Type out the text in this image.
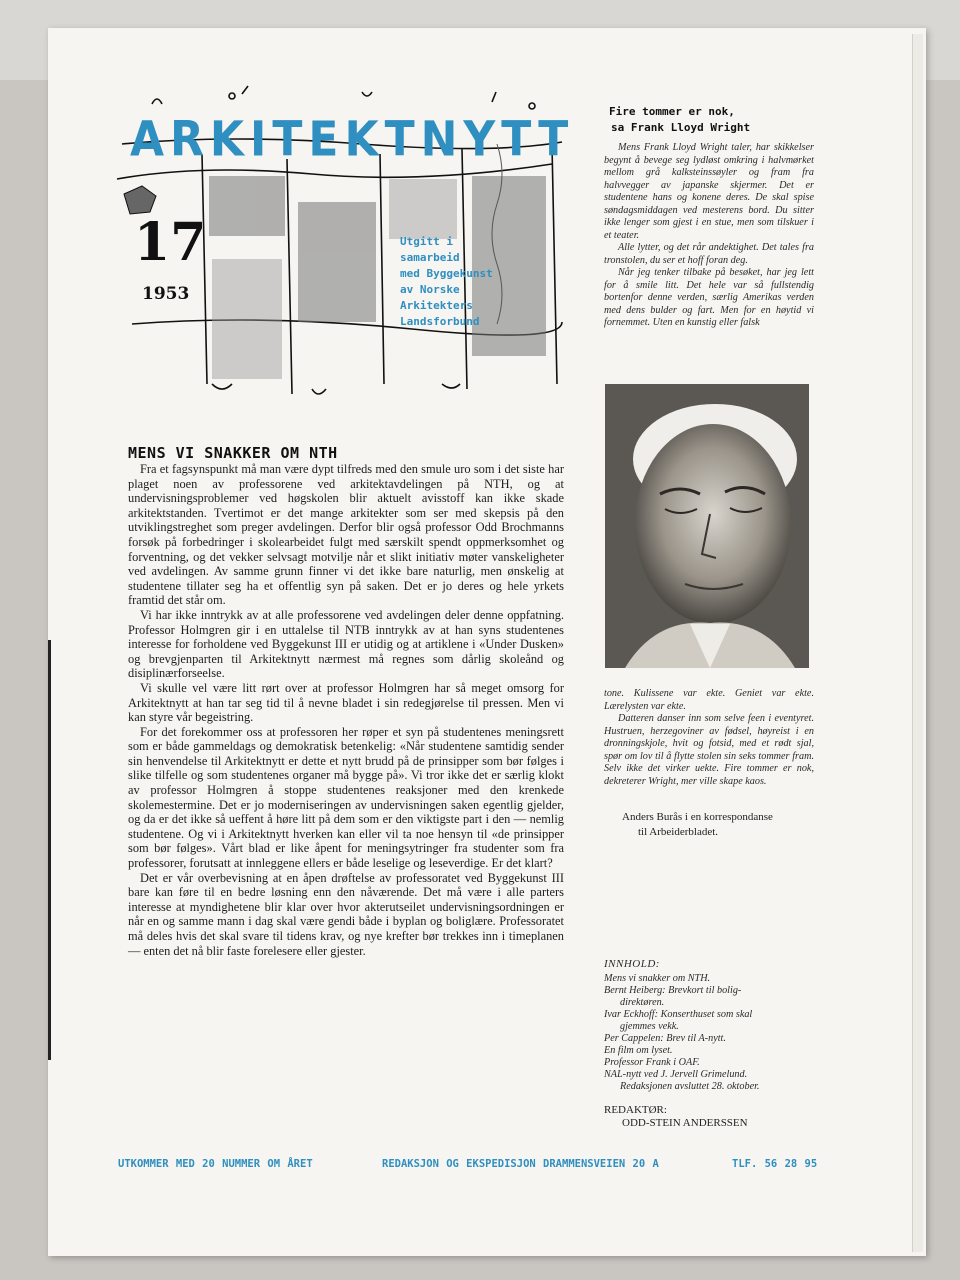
ARKITEKTNYTT
17
1953
Utgitt i
samarbeid
med Byggekunst
av Norske
Arkitekters
Landsforbund
Fire tommer er nok,
sa Frank Lloyd Wright

Mens Frank Lloyd Wright taler, har skikkelser begynt å bevege seg lydløst omkring i halvmørket mellom grå kalksteinssøyler og fram fra halvvegger av japanske skjermer. Det er studentene hans og konene deres. De skal spise søndagsmiddagen ved mesterens bord. Du sitter ikke lenger som gjest i en stue, men som tilskuer i et teater.

Alle lytter, og det rår andektighet. Det tales fra tronstolen, du ser et hoff foran deg.

Når jeg tenker tilbake på besøket, har jeg lett for å smile litt. Det hele var så fullstendig bortenfor denne verden, særlig Amerikas verden med dens bulder og fart. Men for en høytid vi fornemmet. Uten en kunstig eller falsk

tone. Kulissene var ekte. Geniet var ekte. Lærelysten var ekte.

Datteren danser inn som selve feen i eventyret. Hustruen, herzegoviner av fødsel, høyreist i en dronningskjole, hvit og fotsid, med et rødt sjal, spør om lov til å flytte stolen sin seks tommer fram. Selv ikke det virker uekte. Fire tommer er nok, dekreterer Wright, mer ville skape kaos.

Anders Burås i en korrespondanse
til Arbeiderbladet.
INNHOLD:
Mens vi snakker om NTH.
Bernt Heiberg: Brevkort til bolig-
direktøren.
Ivar Eckhoff: Konserthuset som skal
gjemmes vekk.
Per Cappelen: Brev til A-nytt.
En film om lyset.
Professor Frank i OAF.
NAL-nytt ved J. Jervell Grimelund.
Redaksjonen avsluttet 28. oktober.
REDAKTØR:
ODD-STEIN ANDERSSEN
MENS VI SNAKKER OM NTH

Fra et fagsynspunkt må man være dypt tilfreds med den smule uro som i det siste har plaget noen av professorene ved arkitektavdelingen på NTH, og at undervisningsproblemer ved høgskolen blir aktuelt avisstoff kan ikke skade arkitektstanden. Tvertimot er det mange arkitekter som ser med skepsis på den utviklingstreghet som preger avdelingen. Derfor blir også professor Odd Brochmanns forsøk på forbedringer i skolearbeidet fulgt med særskilt spendt oppmerksomhet og forventning, og det vekker selvsagt motvilje når et slikt initiativ møter vanskeligheter ved avdelingen. Av samme grunn finner vi det ikke bare naturlig, men ønskelig at studentene tillater seg ha et offentlig syn på saken. Det er jo deres og hele yrkets framtid det står om.

Vi har ikke inntrykk av at alle professorene ved avdelingen deler denne oppfatning. Professor Holmgren gir i en uttalelse til NTB inntrykk av at han syns studentenes interesse for forholdene ved Byggekunst III er utidig og at artiklene i «Under Dusken» og brevgjenparten til Arkitektnytt nærmest må regnes som dårlig skoleånd og disiplinærforseelse.

Vi skulle vel være litt rørt over at professor Holmgren har så meget omsorg for Arkitektnytt at han tar seg tid til å nevne bladet i sin redegjørelse til pressen. Men vi kan styre vår begeistring.

For det forekommer oss at professoren her røper et syn på studentenes meningsrett som er både gammeldags og demokratisk betenkelig: «Når studentene samtidig sender sin henvendelse til Arkitektnytt er dette et nytt brudd på de prinsipper som bør følges i slike tilfelle og som studentenes organer må bygge på». Vi tror ikke det er særlig klokt av professor Holmgren å stoppe studentenes reaksjoner med den krenkede skolemestermine. Det er jo moderniseringen av undervisningen saken egentlig gjelder, og da er det ikke så ueffent å høre litt på dem som er den viktigste part i den — nemlig studentene. Og vi i Arkitektnytt hverken kan eller vil ta noe hensyn til «de prinsipper som bør følges». Vårt blad er like åpent for meningsytringer fra studenter som fra professorer, forutsatt at innleggene ellers er både leselige og leseverdige. Er det klart?

Det er vår overbevisning at en åpen drøftelse av professoratet ved Byggekunst III bare kan føre til en bedre løsning enn den nåværende. Det må være i alle parters interesse at myndighetene blir klar over hvor akterutseilet undervisningsordningen er når en og samme mann i dag skal være gendi både i byplan og boliglære. Professoratet må deles hvis det skal svare til tidens krav, og nye krefter bør trekkes inn i timeplanen — enten det nå blir faste forelesere eller gjester.

UTKOMMER MED 20 NUMMER OM ÅRET	REDAKSJON OG EKSPEDISJON DRAMMENSVEIEN 20 A	TLF. 56 28 95
